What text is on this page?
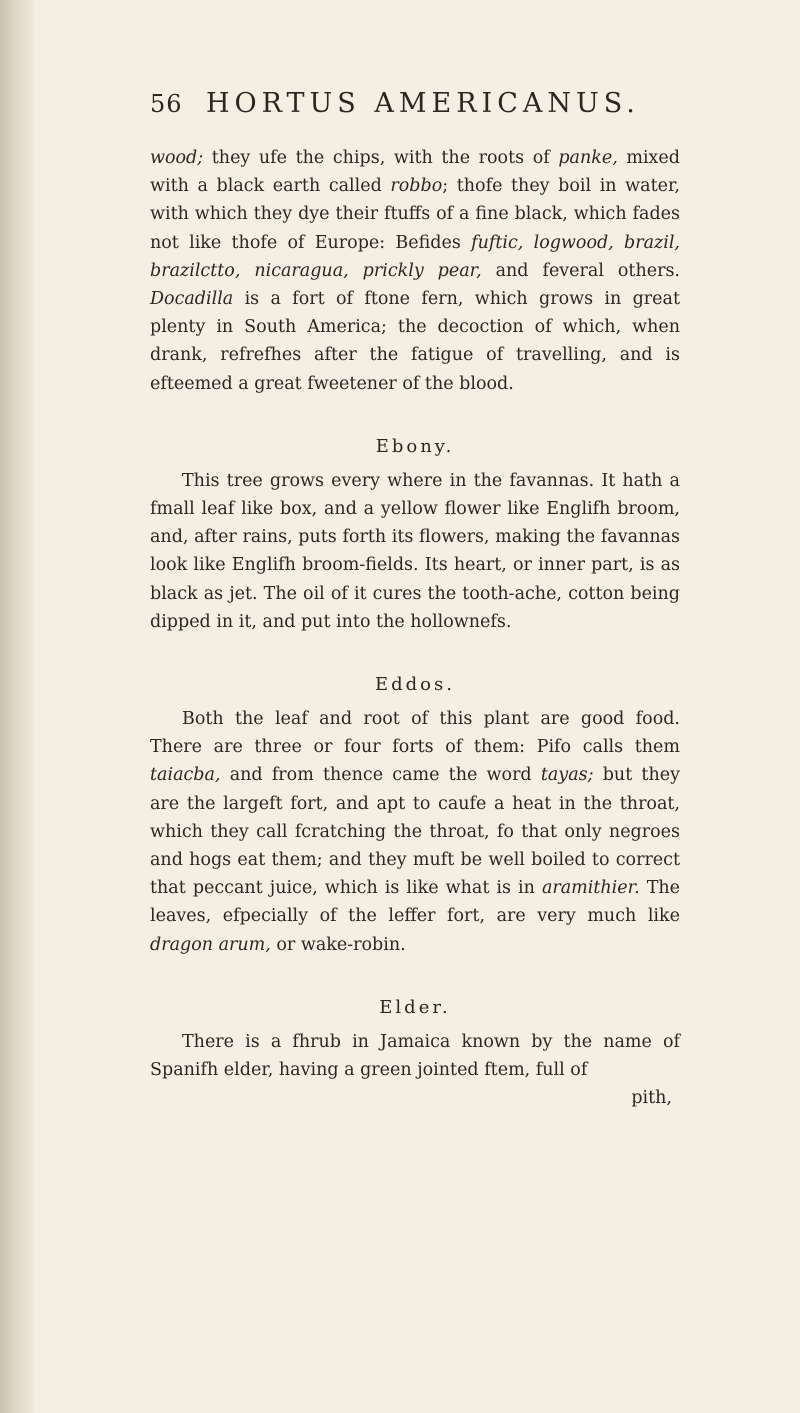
56 HORTUS AMERICANUS.

wood; they ufe the chips, with the roots of panke, mixed with a black earth called robbo; thofe they boil in water, with which they dye their ftuffs of a fine black, which fades not like thofe of Europe: Befides fuftic, logwood, brazil, brazilctto, nicaragua, prickly pear, and feveral others. Docadilla is a fort of ftone fern, which grows in great plenty in South America; the decoction of which, when drank, refrefhes after the fatigue of travelling, and is efteemed a great fweetener of the blood.

Ebony.

This tree grows every where in the favannas. It hath a fmall leaf like box, and a yellow flower like Englifh broom, and, after rains, puts forth its flowers, making the favannas look like Englifh broom-fields. Its heart, or inner part, is as black as jet. The oil of it cures the tooth-ache, cotton being dipped in it, and put into the hollownefs.

Eddos.

Both the leaf and root of this plant are good food. There are three or four forts of them: Pifo calls them taiacba, and from thence came the word tayas; but they are the largeft fort, and apt to caufe a heat in the throat, which they call fcratching the throat, fo that only negroes and hogs eat them; and they muft be well boiled to correct that peccant juice, which is like what is in aramithier. The leaves, efpecially of the leffer fort, are very much like dragon arum, or wake-robin.

Elder.

There is a fhrub in Jamaica known by the name of Spanifh elder, having a green jointed ftem, full of

pith,
